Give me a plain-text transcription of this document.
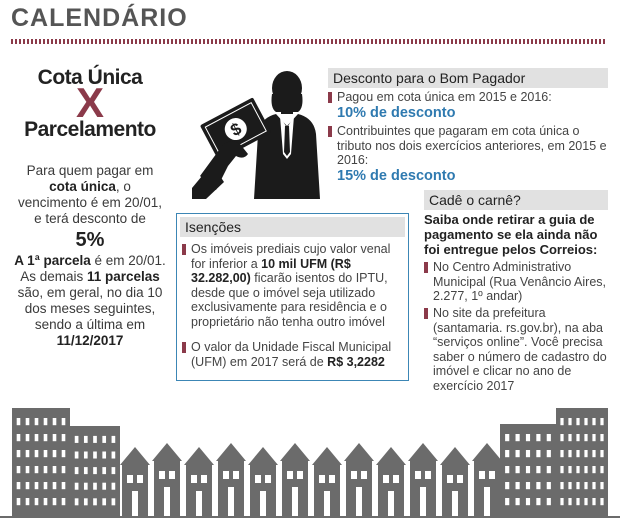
CALENDÁRIO
Cota Única
X
Parcelamento
Para quem pagar em cota única, o vencimento é em 20/01, e terá desconto de
5%
A 1ª parcela é em 20/01. As demais 11 parcelas são, em geral, no dia 10 dos meses seguintes, sendo a última em
11/12/2017
$
Desconto para o Bom Pagador
Pagou em cota única em 2015 e 2016:
10% de desconto
Contribuintes que pagaram em cota única o tributo nos dois exercícios anteriores, em 2015 e 2016:
15% de desconto
Isenções
Os imóveis prediais cujo valor venal for inferior a 10 mil UFM (R$ 32.282,00) ficarão isentos do IPTU, desde que o imóvel seja utilizado exclusivamente para residência e o proprietário não tenha outro imóvel
O valor da Unidade Fiscal Municipal (UFM) em 2017 será de R$ 3,2282
Cadê o carnê?
Saiba onde retirar a guia de pagamento se ela ainda não foi entregue pelos Correios:
No Centro Administrativo Municipal (Rua Venâncio Aires, 2.277, 1º andar)
No site da prefeitura (santamaria. rs.gov.br), na aba “serviços online”. Você precisa saber o número de cadastro do imóvel e clicar no ano de exercício 2017
